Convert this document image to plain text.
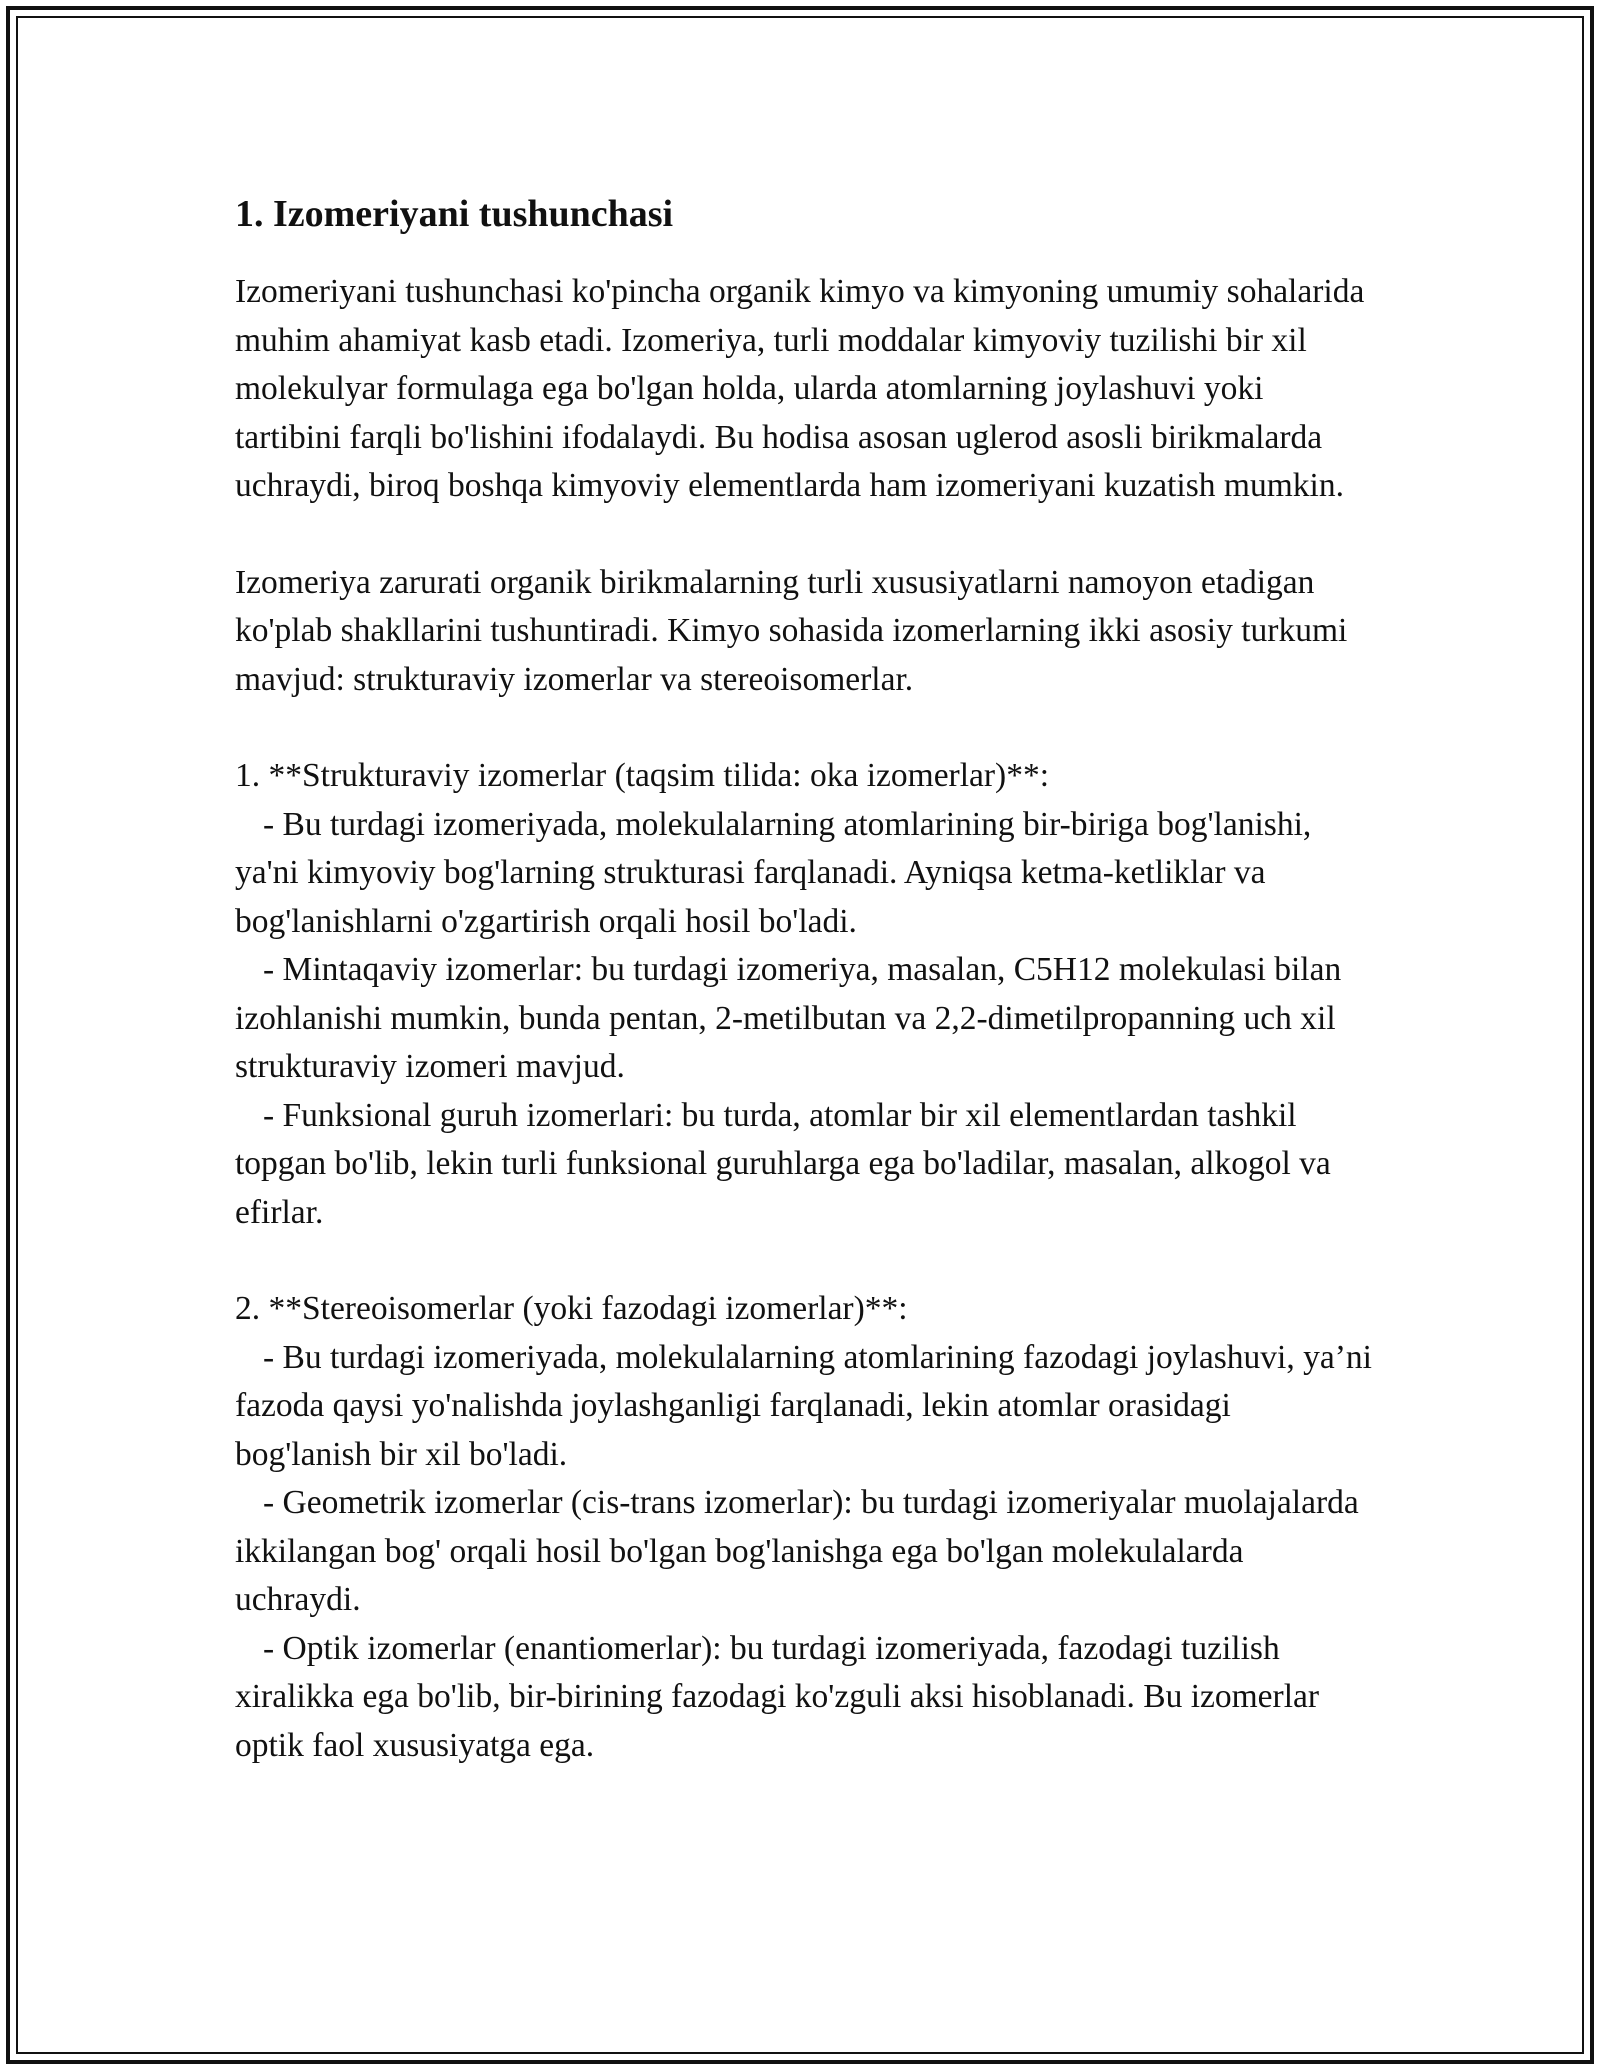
1. Izomeriyani tushunchasi

Izomeriyani tushunchasi ko'pincha organik kimyo va kimyoning umumiy sohalarida muhim ahamiyat kasb etadi. Izomeriya, turli moddalar kimyoviy tuzilishi bir xil molekulyar formulaga ega bo'lgan holda, ularda atomlarning joylashuvi yoki tartibini farqli bo'lishini ifodalaydi. Bu hodisa asosan uglerod asosli birikmalarda uchraydi, biroq boshqa kimyoviy elementlarda ham izomeriyani kuzatish mumkin.

Izomeriya zarurati organik birikmalarning turli xususiyatlarni namoyon etadigan ko'plab shakllarini tushuntiradi. Kimyo sohasida izomerlarning ikki asosiy turkumi mavjud: strukturaviy izomerlar va stereoisomerlar.

1. **Strukturaviy izomerlar (taqsim tilida: oka izomerlar)**:
- Bu turdagi izomeriyada, molekulalarning atomlarining bir-biriga bog'lanishi, ya'ni kimyoviy bog'larning strukturasi farqlanadi. Ayniqsa ketma-ketliklar va bog'lanishlarni o'zgartirish orqali hosil bo'ladi.
- Mintaqaviy izomerlar: bu turdagi izomeriya, masalan, C5H12 molekulasi bilan izohlanishi mumkin, bunda pentan, 2-metilbutan va 2,2-dimetilpropanning uch xil strukturaviy izomeri mavjud.
- Funksional guruh izomerlari: bu turda, atomlar bir xil elementlardan tashkil topgan bo'lib, lekin turli funksional guruhlarga ega bo'ladilar, masalan, alkogol va efirlar.
2. **Stereoisomerlar (yoki fazodagi izomerlar)**:
- Bu turdagi izomeriyada, molekulalarning atomlarining fazodagi joylashuvi, ya’ni fazoda qaysi yo'nalishda joylashganligi farqlanadi, lekin atomlar orasidagi bog'lanish bir xil bo'ladi.
- Geometrik izomerlar (cis-trans izomerlar): bu turdagi izomeriyalar muolajalarda ikkilangan bog' orqali hosil bo'lgan bog'lanishga ega bo'lgan molekulalarda uchraydi.
- Optik izomerlar (enantiomerlar): bu turdagi izomeriyada, fazodagi tuzilish xiralikka ega bo'lib, bir-birining fazodagi ko'zguli aksi hisoblanadi. Bu izomerlar optik faol xususiyatga ega.
